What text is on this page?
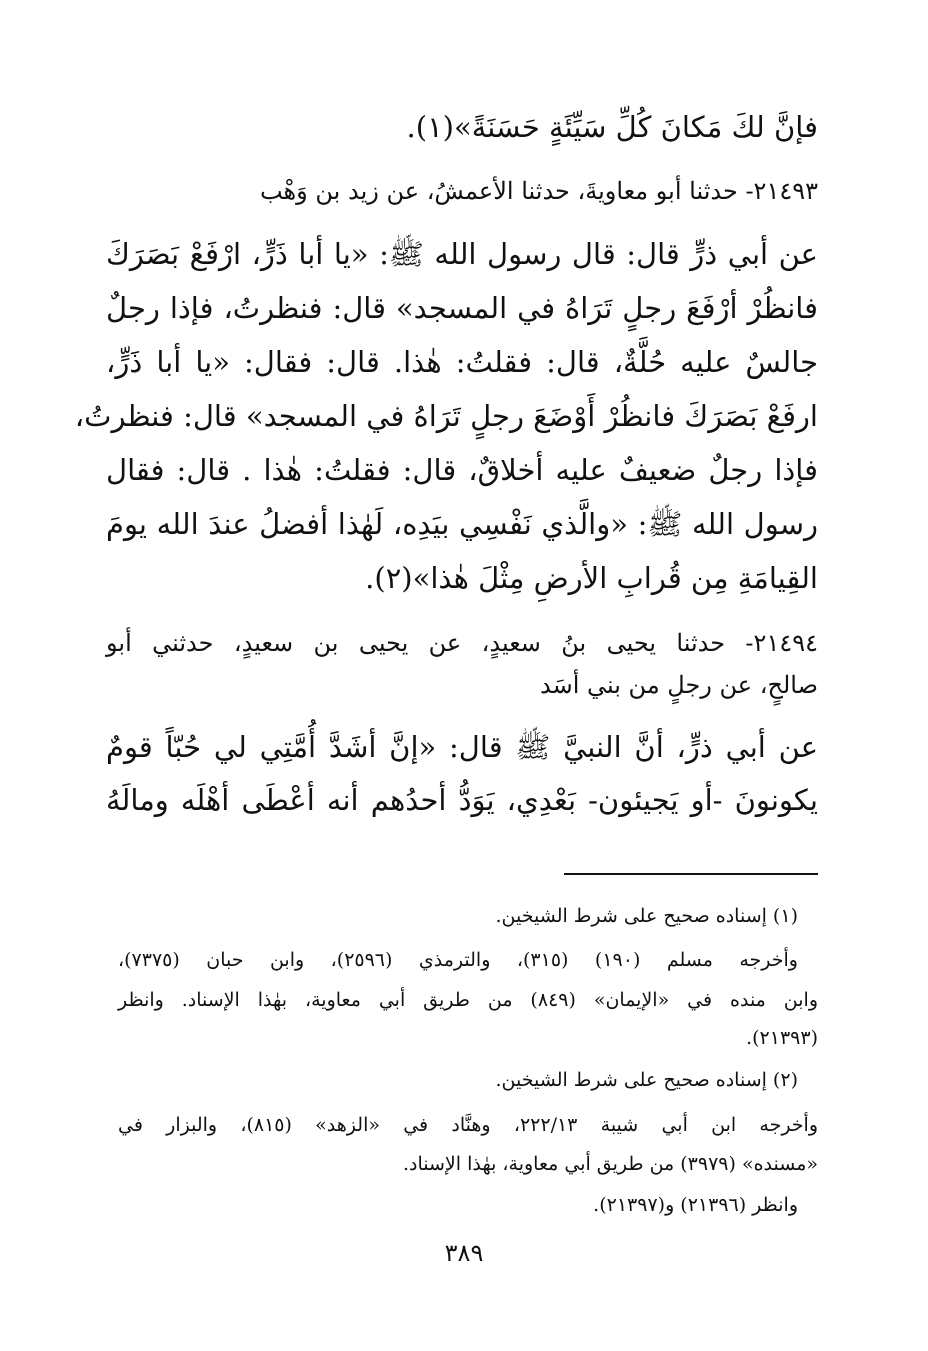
فإنَّ لكَ مَكانَ كُلِّ سَيِّئَةٍ حَسَنَةً»(١).
٢١٤٩٣- حدثنا أبو معاويةَ، حدثنا الأعمشُ، عن زيد بن وَهْب
عن أبي ذرٍّ قال: قال رسول الله ﷺ: «يا أبا ذَرٍّ، ارْفَعْ بَصَرَكَ
فانظُرْ أرْفَعَ رجلٍ تَرَاهُ في المسجد» قال: فنظرتُ، فإذا رجلٌ
جالسٌ عليه حُلَّةٌ، قال: فقلتُ: هٰذا. قال: فقال: «يا أبا ذَرٍّ،
ارفَعْ بَصَرَكَ فانظُرْ أَوْضَعَ رجلٍ تَرَاهُ في المسجد» قال: فنظرتُ،
فإذا رجلٌ ضعيفٌ عليه أخلاقٌ، قال: فقلتُ: هٰذا . قال: فقال
رسول الله ﷺ: «والَّذي نَفْسِي بيَدِه، لَهٰذا أفضلُ عندَ الله يومَ
القِيامَةِ مِن قُرابِ الأرضِ مِثْلَ هٰذا»(٢).
٢١٤٩٤- حدثنا يحيى بنُ سعيدٍ، عن يحيى بن سعيدٍ، حدثني أبو
صالحٍ، عن رجلٍ من بني أسَد
عن أبي ذرٍّ، أنَّ النبيَّ ﷺ قال: «إنَّ أشَدَّ أُمَّتِي لي حُبّاً قومٌ
يكونونَ -أو يَجيئون- بَعْدِي، يَوَدُّ أحدُهم أنه أعْطَى أهْلَه ومالَهُ
(١) إسناده صحيح على شرط الشيخين.
وأخرجه مسلم (١٩٠) (٣١٥)، والترمذي (٢٥٩٦)، وابن حبان (٧٣٧٥)،
وابن منده في «الإيمان» (٨٤٩) من طريق أبي معاوية، بهٰذا الإسناد. وانظر
(٢١٣٩٣).
(٢) إسناده صحيح على شرط الشيخين.
وأخرجه ابن أبي شيبة ٢٢٢/١٣، وهنَّاد في «الزهد» (٨١٥)، والبزار في
«مسنده» (٣٩٧٩) من طريق أبي معاوية، بهٰذا الإسناد.
وانظر (٢١٣٩٦) و(٢١٣٩٧).
٣٨٩
